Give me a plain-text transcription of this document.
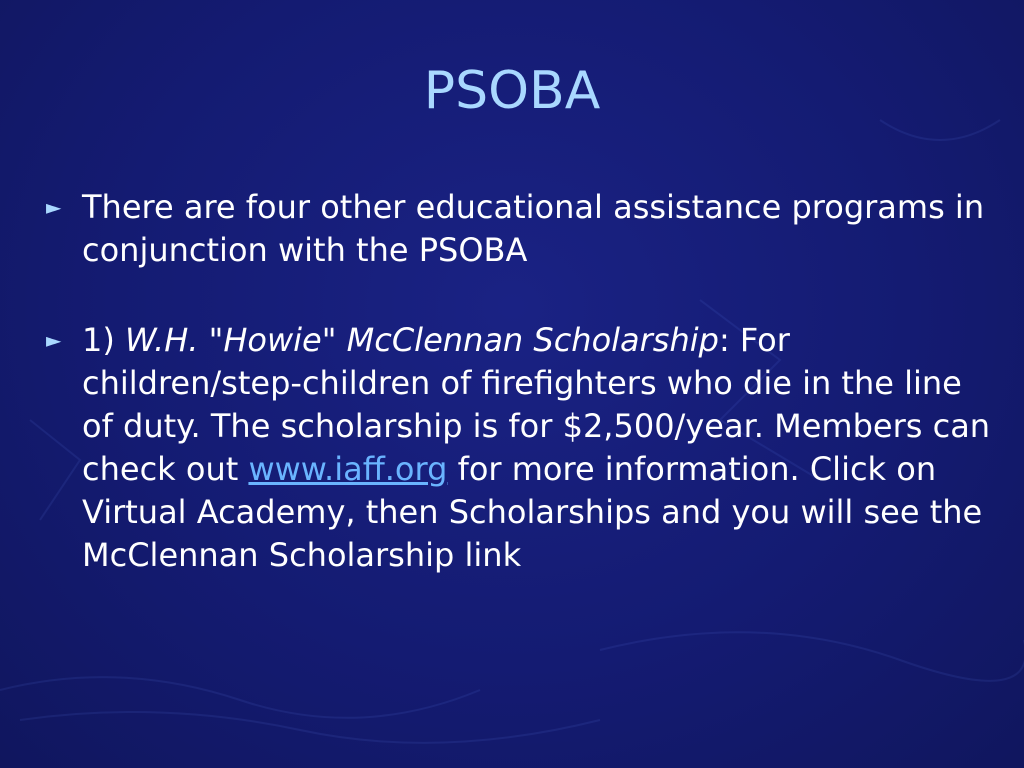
PSOBA
► There are four other educational assistance programs in conjunction with the PSOBA
► 1) W.H. "Howie" McClennan Scholarship: For children/step-children of firefighters who die in the line of duty. The scholarship is for $2,500/year. Members can check out www.iaff.org for more information. Click on Virtual Academy, then Scholarships and you will see the McClennan Scholarship link
